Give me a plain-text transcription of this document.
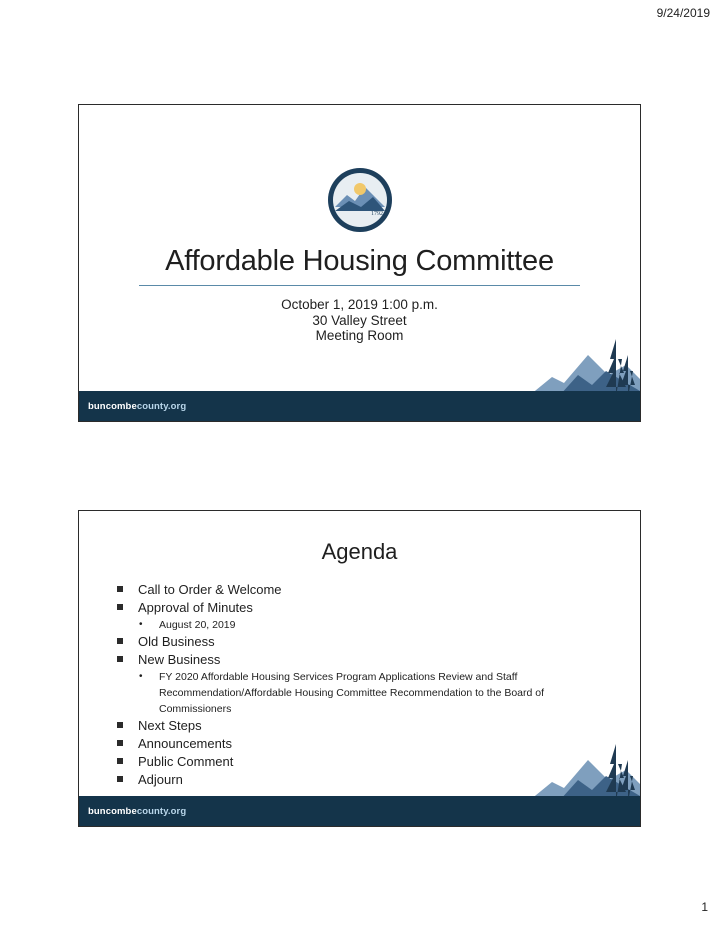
9/24/2019
1792
Affordable Housing Committee
October 1, 2019 1:00 p.m.
30 Valley Street
Meeting Room
buncombecounty.org
Agenda
Call to Order & Welcome
Approval of Minutes
• August 20, 2019
Old Business
New Business
• FY 2020 Affordable Housing Services Program Applications Review and Staff Recommendation/Affordable Housing Committee Recommendation to the Board of Commissioners
Next Steps
Announcements
Public Comment
Adjourn
buncombecounty.org
1
